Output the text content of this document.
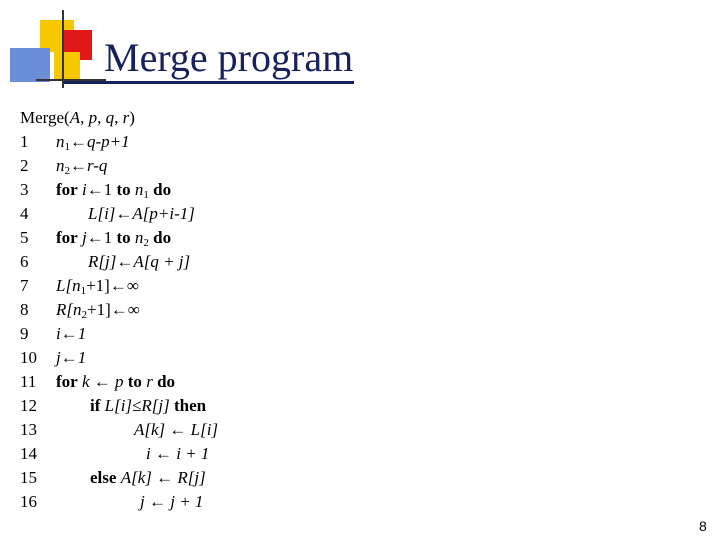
Merge program
Merge(A, p, q, r)
1 $n_1\leftarrow q-p+1$
2 $n_2\leftarrow r-q$
3 for i←1 to $n_1$ do
4	L[i]←A[p+i-1]
5 for j←1 to $n_2$ do
6	R[j]←A[q + j]
7 $L[n_1+1]\leftarrow\infty$
8 $R[n_2+1]\leftarrow\infty$
9 i←1
10 j←1
11 for k ← p to r do
12	if L[i]≤R[j] then
13	A[k] ← L[i]
14	i ← i + 1
15	else A[k] ← R[j]
16	j ← j + 1
8
